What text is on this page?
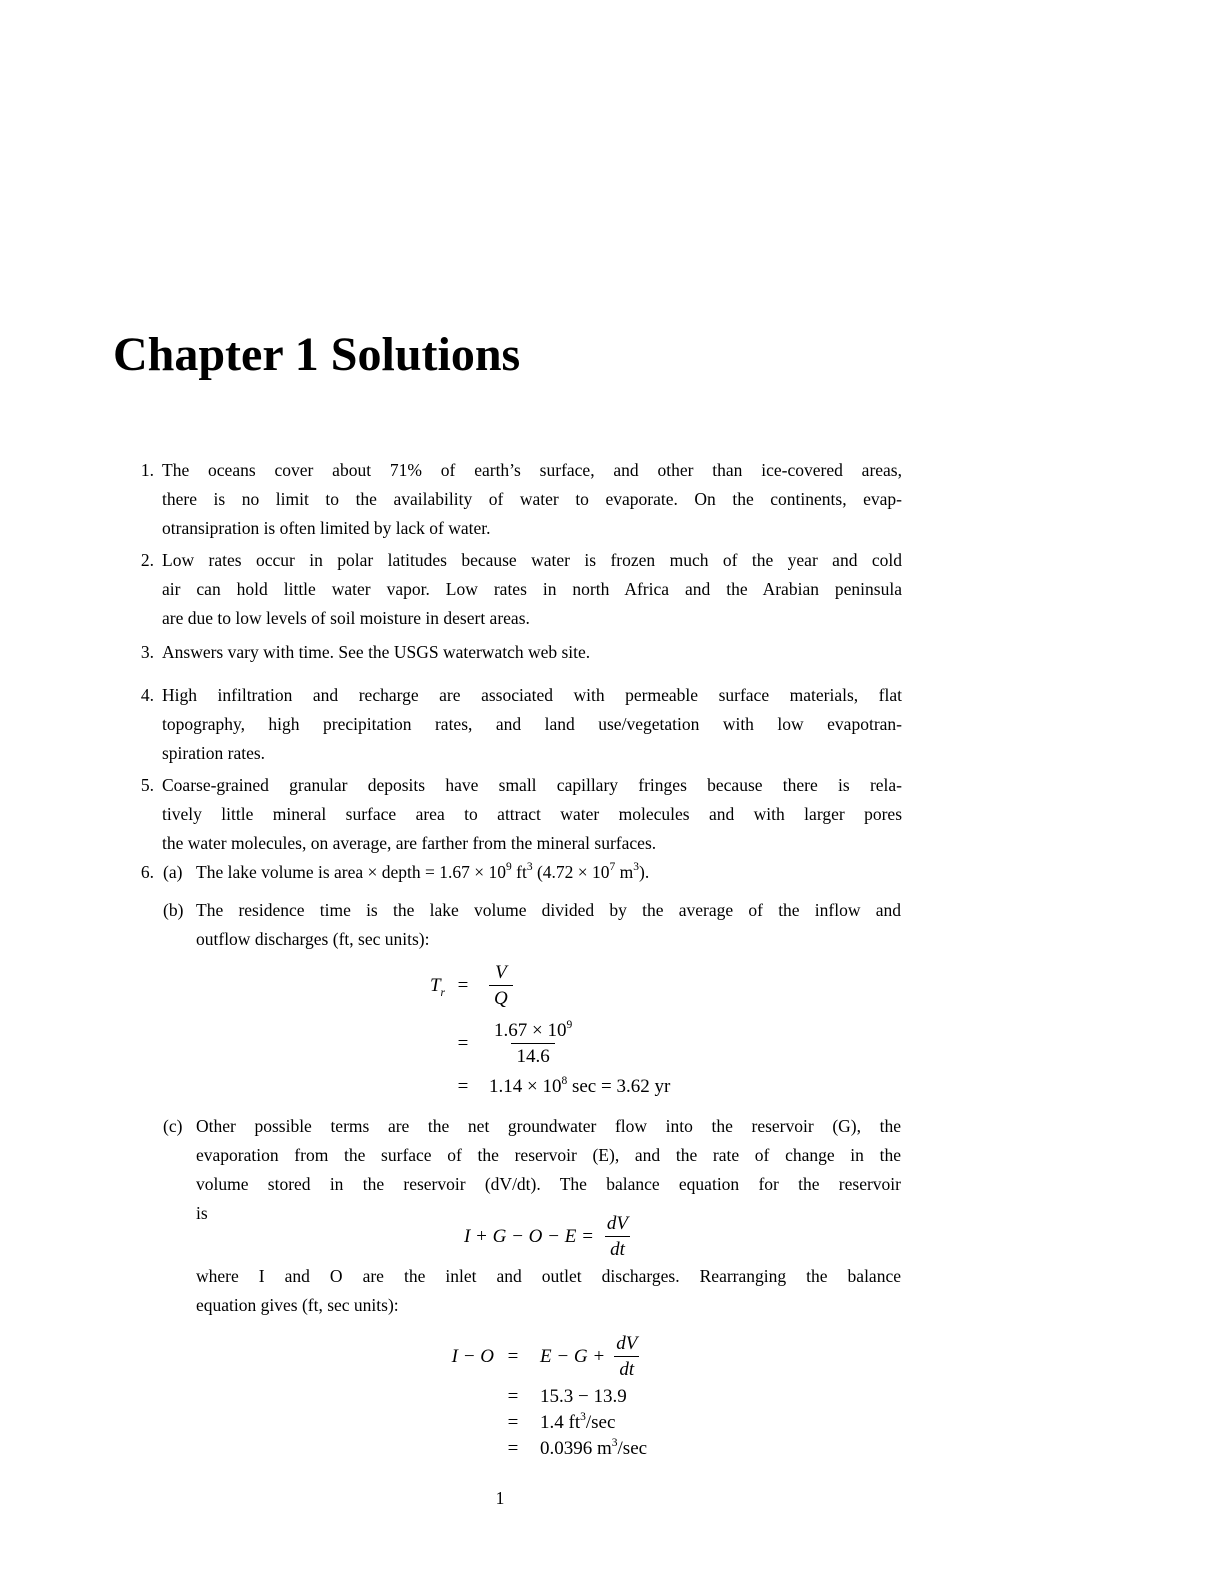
Chapter 1 Solutions
1. The oceans cover about 71% of earth’s surface, and other than ice-covered areas,
there is no limit to the availability of water to evaporate. On the continents, evap-
otransipration is often limited by lack of water.
2. Low rates occur in polar latitudes because water is frozen much of the year and cold
air can hold little water vapor. Low rates in north Africa and the Arabian peninsula
are due to low levels of soil moisture in desert areas.
3. Answers vary with time. See the USGS waterwatch web site.
4. High infiltration and recharge are associated with permeable surface materials, flat
topography, high precipitation rates, and land use/vegetation with low evapotran-
spiration rates.
5. Coarse-grained granular deposits have small capillary fringes because there is rela-
tively little mineral surface area to attract water molecules and with larger pores
the water molecules, on average, are farther from the mineral surfaces.
6. (a) The lake volume is area × depth = $1.67 \times 10^9$ $ft^3$ ($4.72 \times 10^7$ $m^3$).
(b) The residence time is the lake volume divided by the average of the inflow and
outflow discharges (ft, sec units):
$T_r$ =	$\frac{V}{Q}$
=	$\frac{1.67 \times 10^9}{14.6}$
=	$1.14 \times 10^8$ sec = 3.62 yr
(c) Other possible terms are the net groundwater flow into the reservoir (G), the
evaporation from the surface of the reservoir (E), and the rate of change in the
volume stored in the reservoir (dV/dt). The balance equation for the reservoir
is
$I + G - O - E = \frac{dV}{dt}$
where I and O are the inlet and outlet discharges. Rearranging the balance
equation gives (ft, sec units):
I − O =	$E - G + \frac{dV}{dt}$
=	15.3 − 13.9
=	1.4 $ft^3/\sec$
=	0.0396 $m^3/\sec$
1
